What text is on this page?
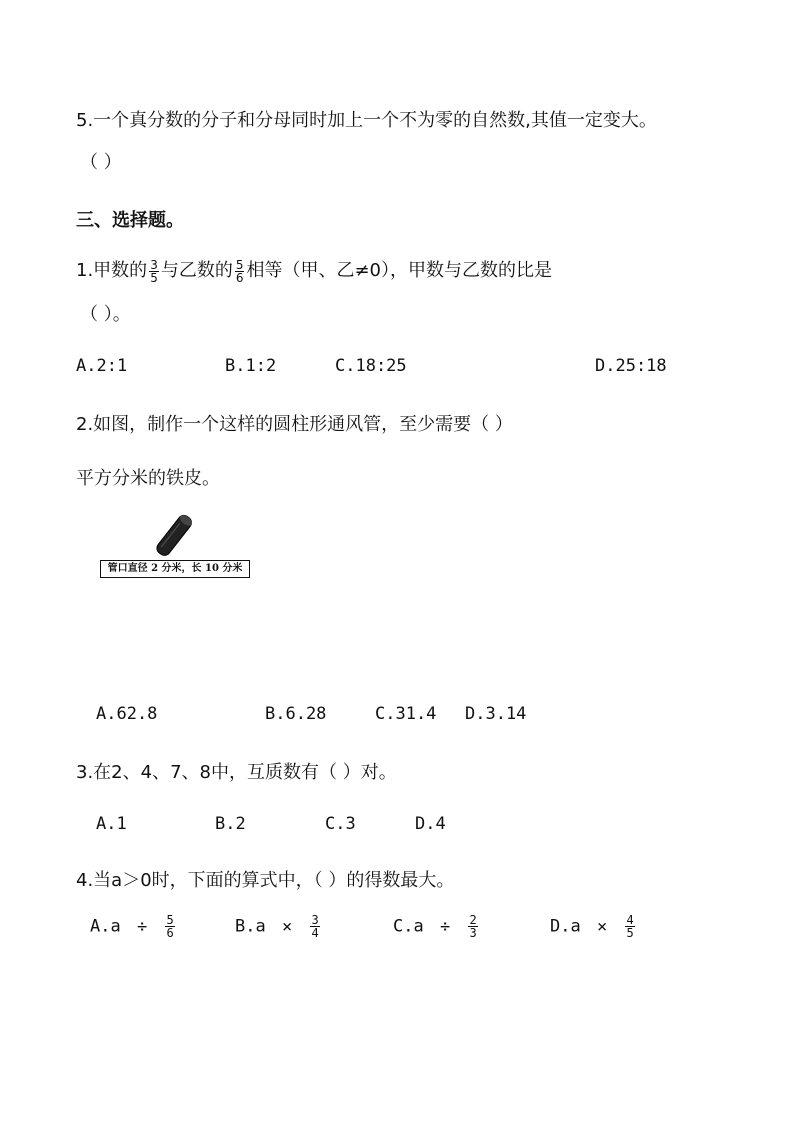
5.一个真分数的分子和分母同时加上一个不为零的自然数,其值一定变大。
（ ）
三、选择题。
1.甲数的 $\frac{3}{5}$ 与乙数的 $\frac{5}{6}$ 相等（甲、乙≠0），甲数与乙数的比是
（ ）。
A.2:1	B.1:2	C.18:25	D.25:18
2.如图，制作一个这样的圆柱形通风管，至少需要（ ）
平方分米的铁皮。
管口直径 2 分米，长 10 分米
A.62.8	B.6.28	C.31.4 D.3.14
3.在2、4、7、8中，互质数有（ ）对。
A.1	B.2	C.3	D.4
4.当a＞0时，下面的算式中，（ ）的得数最大。
$A.a \div \frac{5}{6}$	$B.a \times \frac{3}{4}$	$C.a \div \frac{2}{3}$	$D.a \times \frac{4}{5}$
